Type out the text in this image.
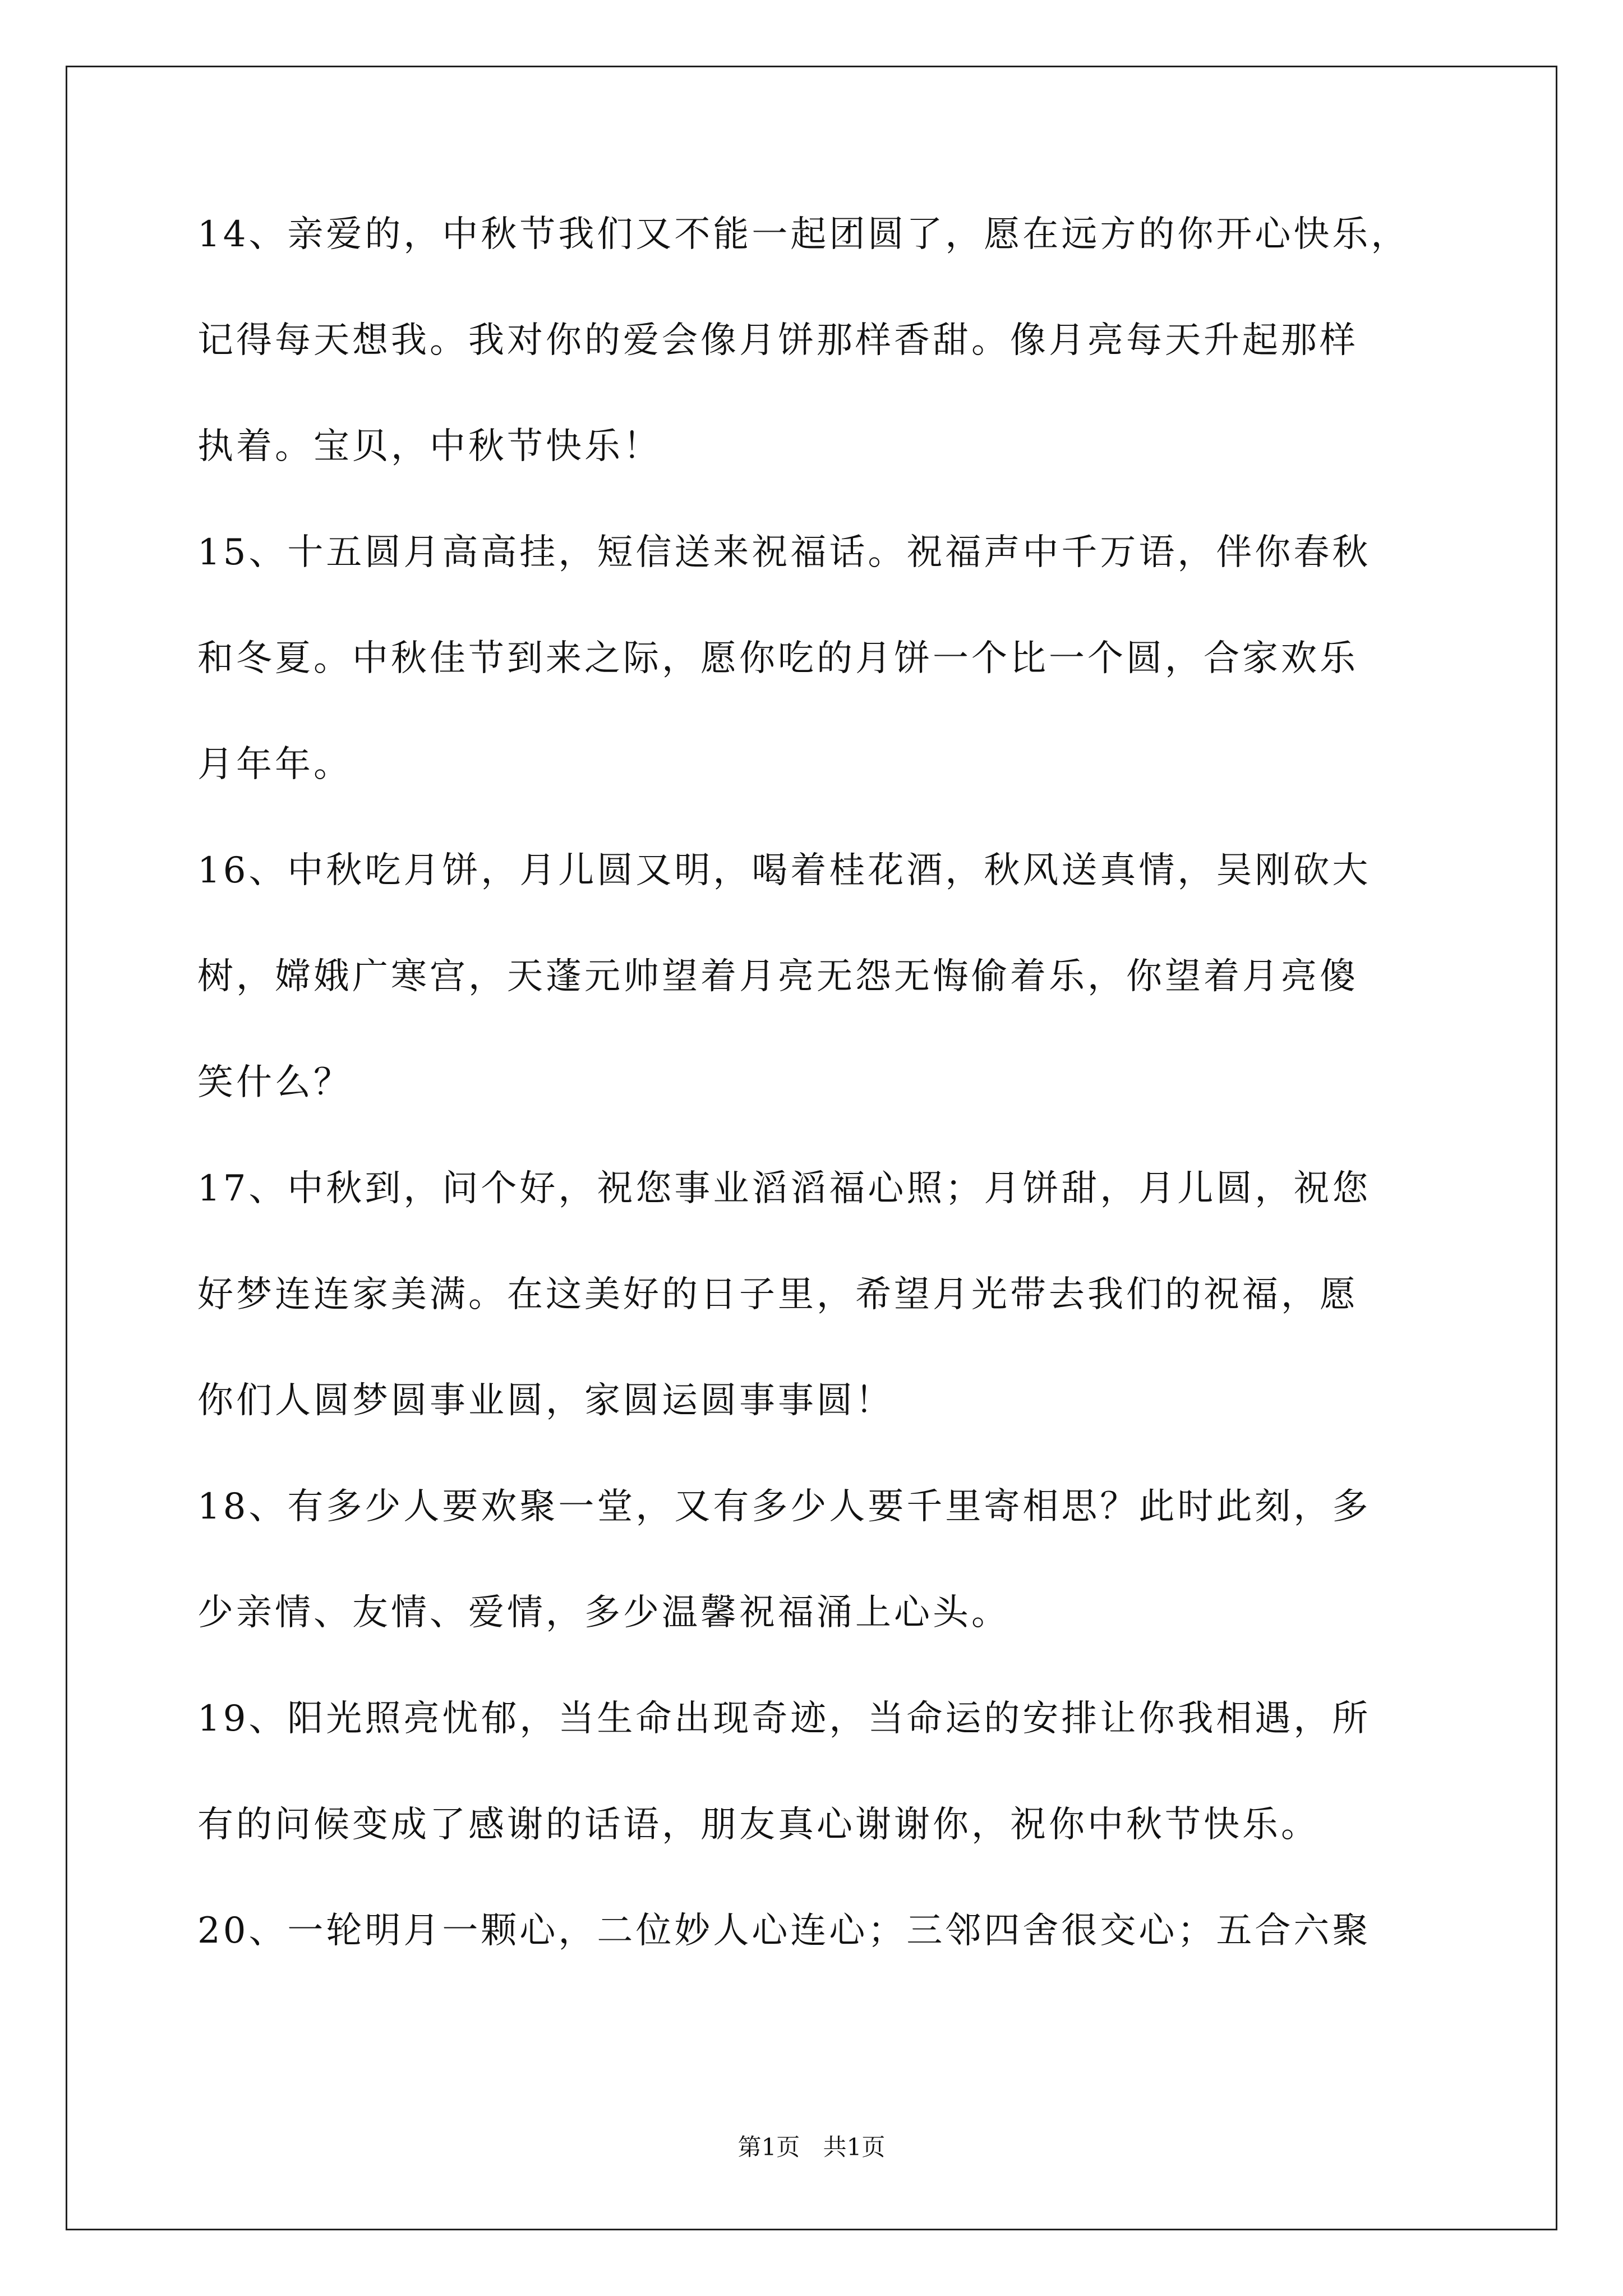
14、亲爱的，中秋节我们又不能一起团圆了，愿在远方的你开心快乐，
记得每天想我。我对你的爱会像月饼那样香甜。像月亮每天升起那样
执着。宝贝，中秋节快乐！
15、十五圆月高高挂，短信送来祝福话。祝福声中千万语，伴你春秋
和冬夏。中秋佳节到来之际，愿你吃的月饼一个比一个圆，合家欢乐
月年年。
16、中秋吃月饼，月儿圆又明，喝着桂花酒，秋风送真情，吴刚砍大
树，嫦娥广寒宫，天蓬元帅望着月亮无怨无悔偷着乐，你望着月亮傻
笑什么？
17、中秋到，问个好，祝您事业滔滔福心照；月饼甜，月儿圆，祝您
好梦连连家美满。在这美好的日子里，希望月光带去我们的祝福，愿
你们人圆梦圆事业圆，家圆运圆事事圆！
18、有多少人要欢聚一堂，又有多少人要千里寄相思？此时此刻，多
少亲情、友情、爱情，多少温馨祝福涌上心头。
19、阳光照亮忧郁，当生命出现奇迹，当命运的安排让你我相遇，所
有的问候变成了感谢的话语，朋友真心谢谢你，祝你中秋节快乐。
20、一轮明月一颗心，二位妙人心连心；三邻四舍很交心；五合六聚
第1页 共1页
